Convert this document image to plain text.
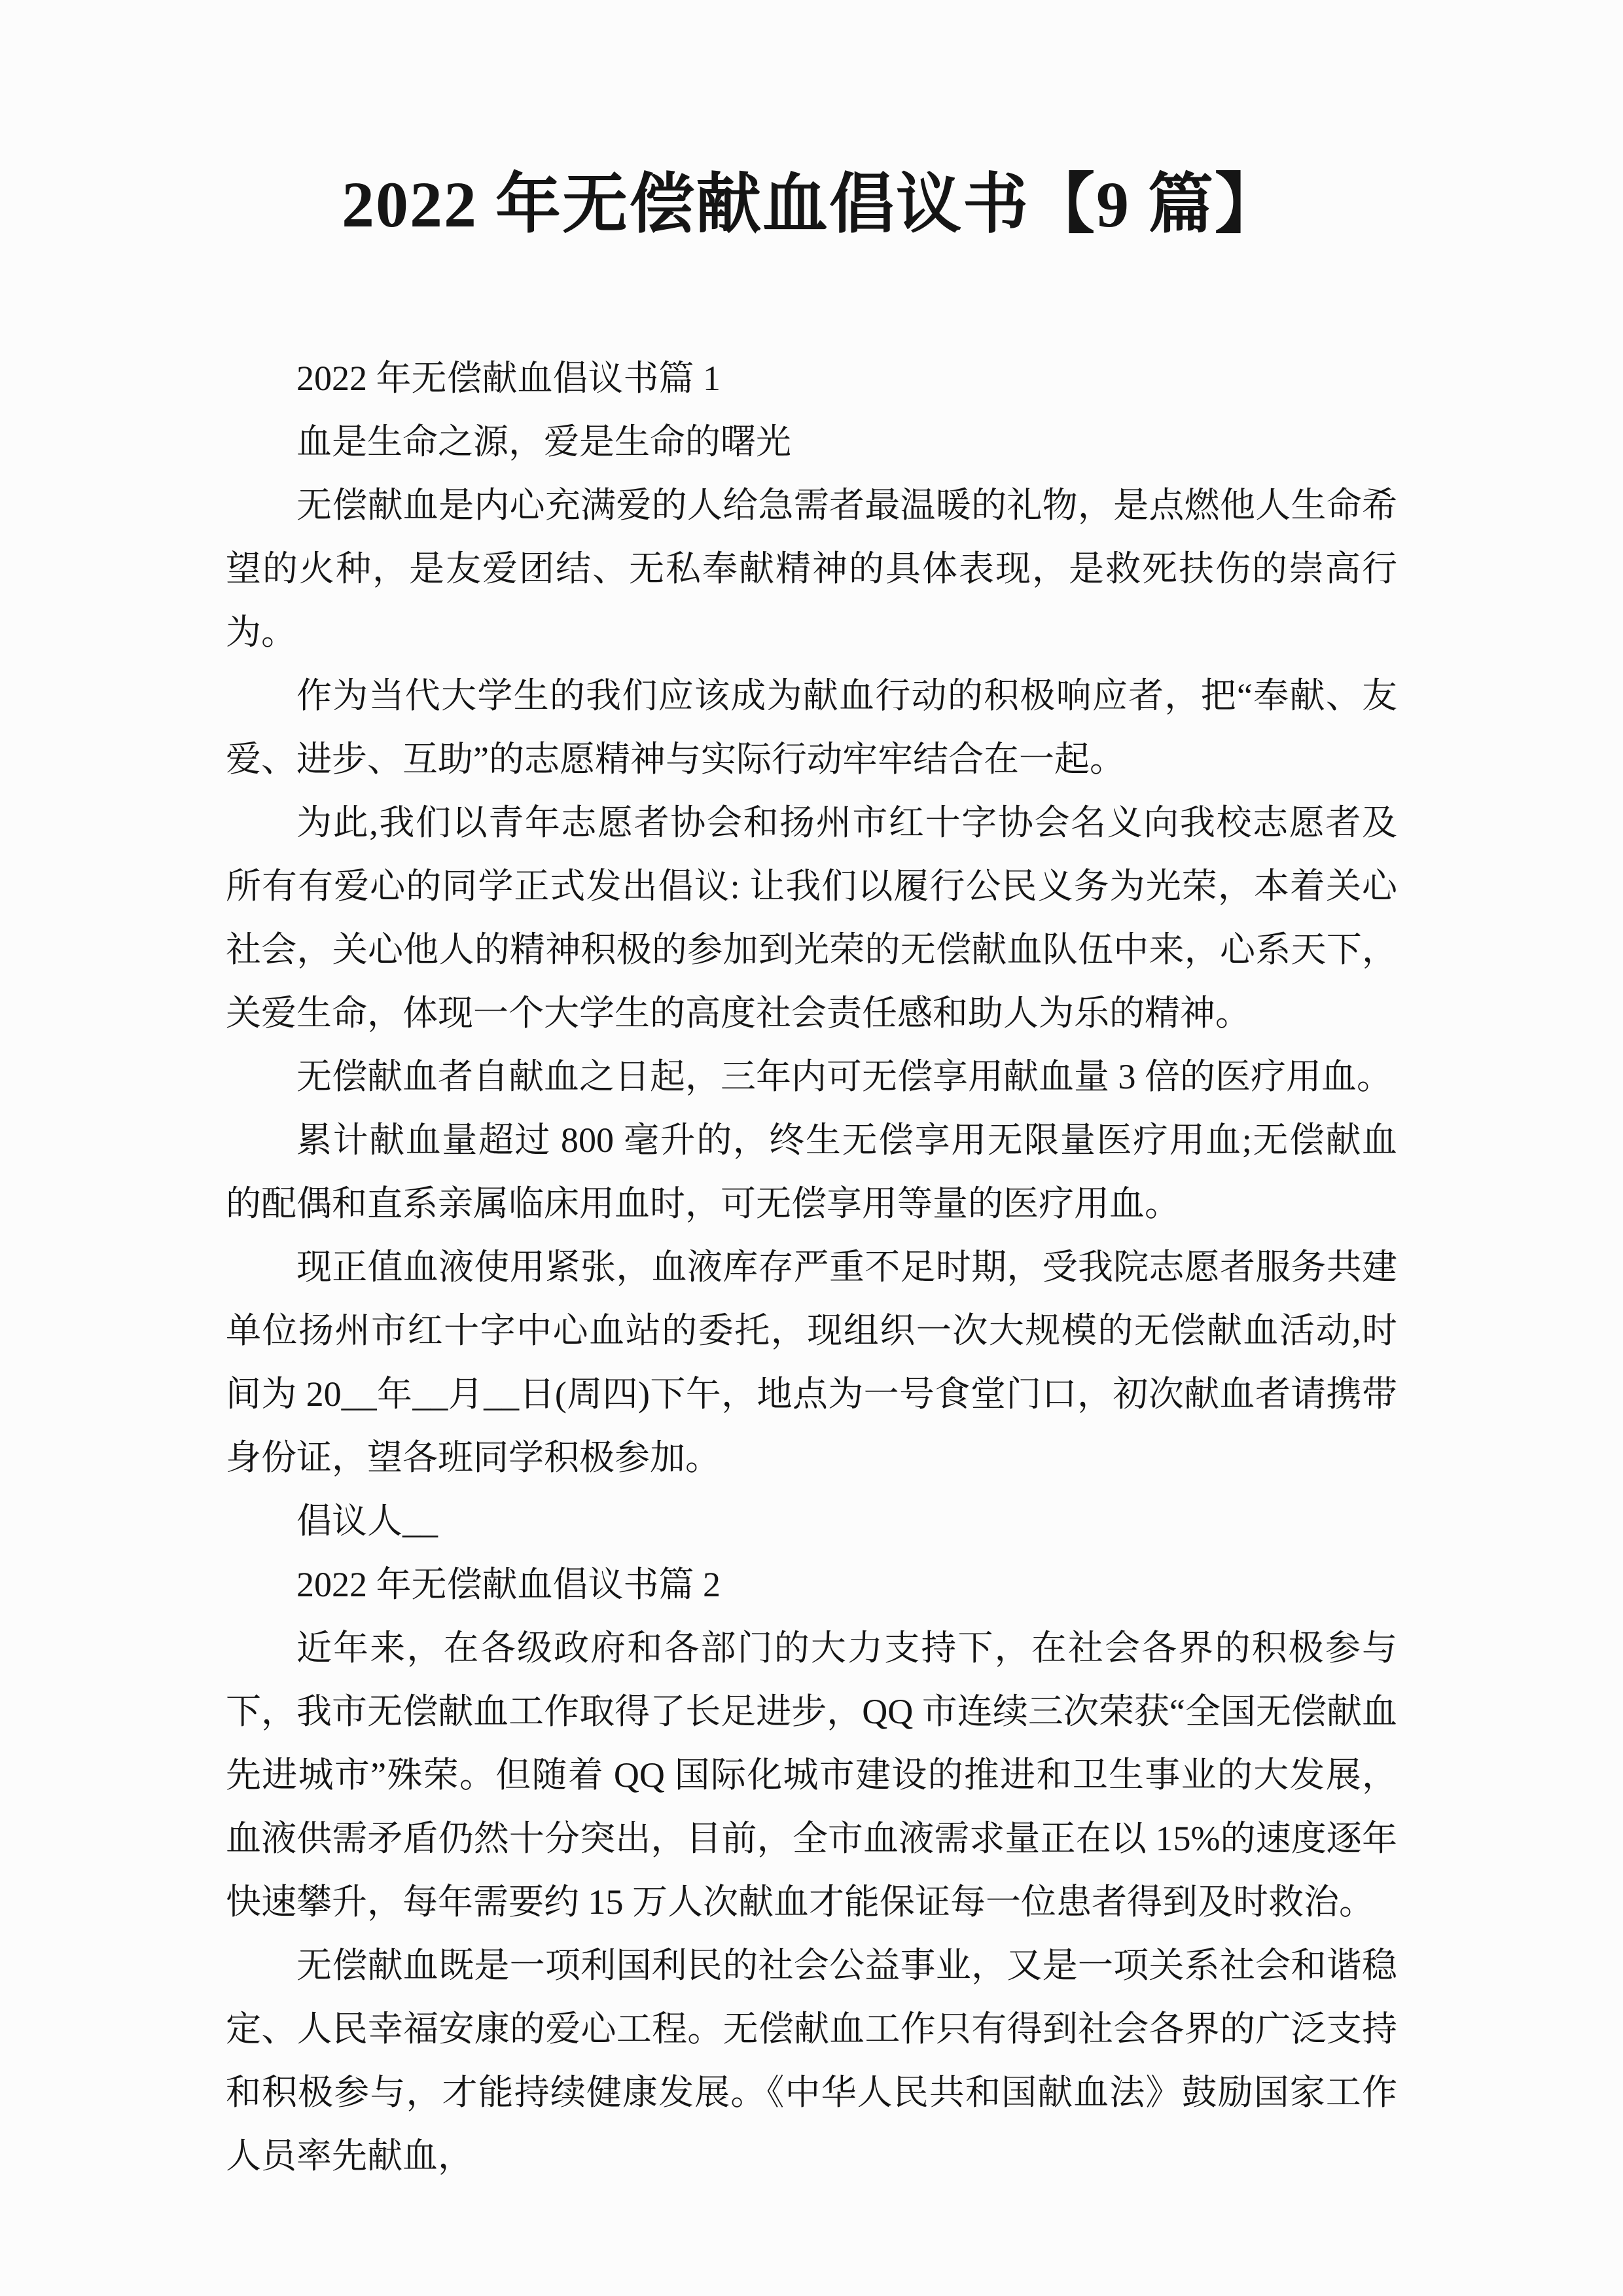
2022 年无偿献血倡议书【9 篇】

2022 年无偿献血倡议书篇 1

血是生命之源，爱是生命的曙光

无偿献血是内心充满爱的人给急需者最温暖的礼物，是点燃他人生命希望的火种，是友爱团结、无私奉献精神的具体表现，是救死扶伤的崇高行为。

作为当代大学生的我们应该成为献血行动的积极响应者，把“奉献、友爱、进步、互助”的志愿精神与实际行动牢牢结合在一起。

为此,我们以青年志愿者协会和扬州市红十字协会名义向我校志愿者及所有有爱心的同学正式发出倡议: 让我们以履行公民义务为光荣，本着关心社会，关心他人的精神积极的参加到光荣的无偿献血队伍中来，心系天下，关爱生命，体现一个大学生的高度社会责任感和助人为乐的精神。

无偿献血者自献血之日起，三年内可无偿享用献血量 3 倍的医疗用血。

累计献血量超过 800 毫升的，终生无偿享用无限量医疗用血;无偿献血的配偶和直系亲属临床用血时，可无偿享用等量的医疗用血。

现正值血液使用紧张，血液库存严重不足时期，受我院志愿者服务共建单位扬州市红十字中心血站的委托，现组织一次大规模的无偿献血活动,时间为 20__年__月__日(周四)下午，地点为一号食堂门口，初次献血者请携带身份证，望各班同学积极参加。

倡议人__

2022 年无偿献血倡议书篇 2

近年来，在各级政府和各部门的大力支持下，在社会各界的积极参与下，我市无偿献血工作取得了长足进步，QQ 市连续三次荣获“全国无偿献血先进城市”殊荣。但随着 QQ 国际化城市建设的推进和卫生事业的大发展，血液供需矛盾仍然十分突出，目前，全市血液需求量正在以 15%的速度逐年快速攀升，每年需要约 15 万人次献血才能保证每一位患者得到及时救治。

无偿献血既是一项利国利民的社会公益事业，又是一项关系社会和谐稳定、人民幸福安康的爱心工程。无偿献血工作只有得到社会各界的广泛支持和积极参与，才能持续健康发展。《中华人民共和国献血法》鼓励国家工作人员率先献血，
